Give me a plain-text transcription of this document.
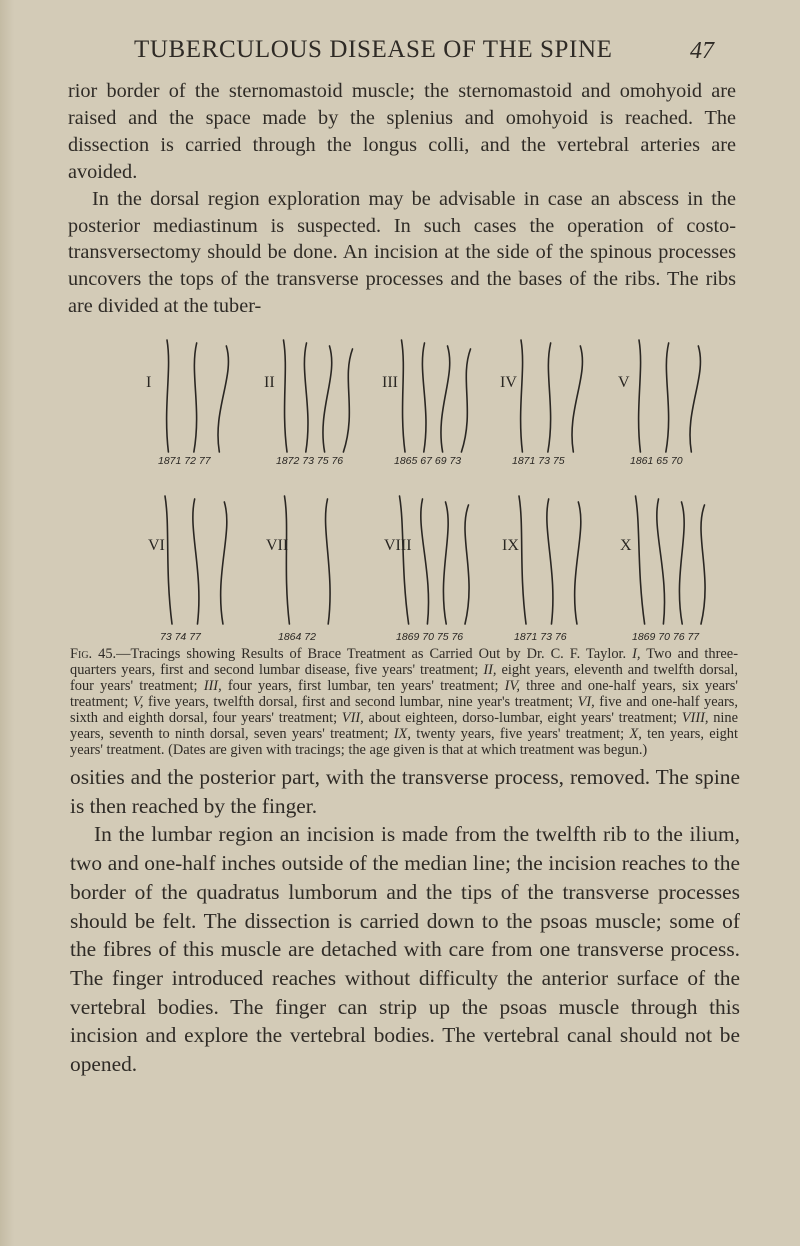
TUBERCULOUS DISEASE OF THE SPINE	47
rior border of the sternomastoid muscle; the sternomastoid and omohyoid are raised and the space made by the splenius and omohyoid is reached. The dissection is carried through the longus colli, and the vertebral arteries are avoided.
In the dorsal region exploration may be advisable in case an abscess in the posterior mediastinum is suspected. In such cases the operation of costo-transversectomy should be done. An incision at the side of the spinous processes uncovers the tops of the transverse processes and the bases of the ribs. The ribs are divided at the tuber-
I
1871 72 77
II
1872 73 75 76
III
1865 67 69 73
IV
1871 73 75
V
1861 65 70
VI
73 74 77
VII
1864 72
VIII
1869 70 75 76
IX
1871 73 76
X
1869 70 76 77
Fig. 45.—Tracings showing Results of Brace Treatment as Carried Out by Dr. C. F. Taylor. I, Two and three-quarters years, first and second lumbar disease, five years' treatment; II, eight years, eleventh and twelfth dorsal, four years' treatment; III, four years, first lumbar, ten years' treatment; IV, three and one-half years, six years' treatment; V, five years, twelfth dorsal, first and second lumbar, nine year's treatment; VI, five and one-half years, sixth and eighth dorsal, four years' treatment; VII, about eighteen, dorso-lumbar, eight years' treatment; VIII, nine years, seventh to ninth dorsal, seven years' treatment; IX, twenty years, five years' treatment; X, ten years, eight years' treatment. (Dates are given with tracings; the age given is that at which treatment was begun.)
osities and the posterior part, with the transverse process, removed. The spine is then reached by the finger.
In the lumbar region an incision is made from the twelfth rib to the ilium, two and one-half inches outside of the median line; the incision reaches to the border of the quadratus lumborum and the tips of the transverse processes should be felt. The dissection is carried down to the psoas muscle; some of the fibres of this muscle are detached with care from one transverse process. The finger introduced reaches without difficulty the anterior surface of the vertebral bodies. The finger can strip up the psoas muscle through this incision and explore the vertebral bodies. The vertebral canal should not be opened.
